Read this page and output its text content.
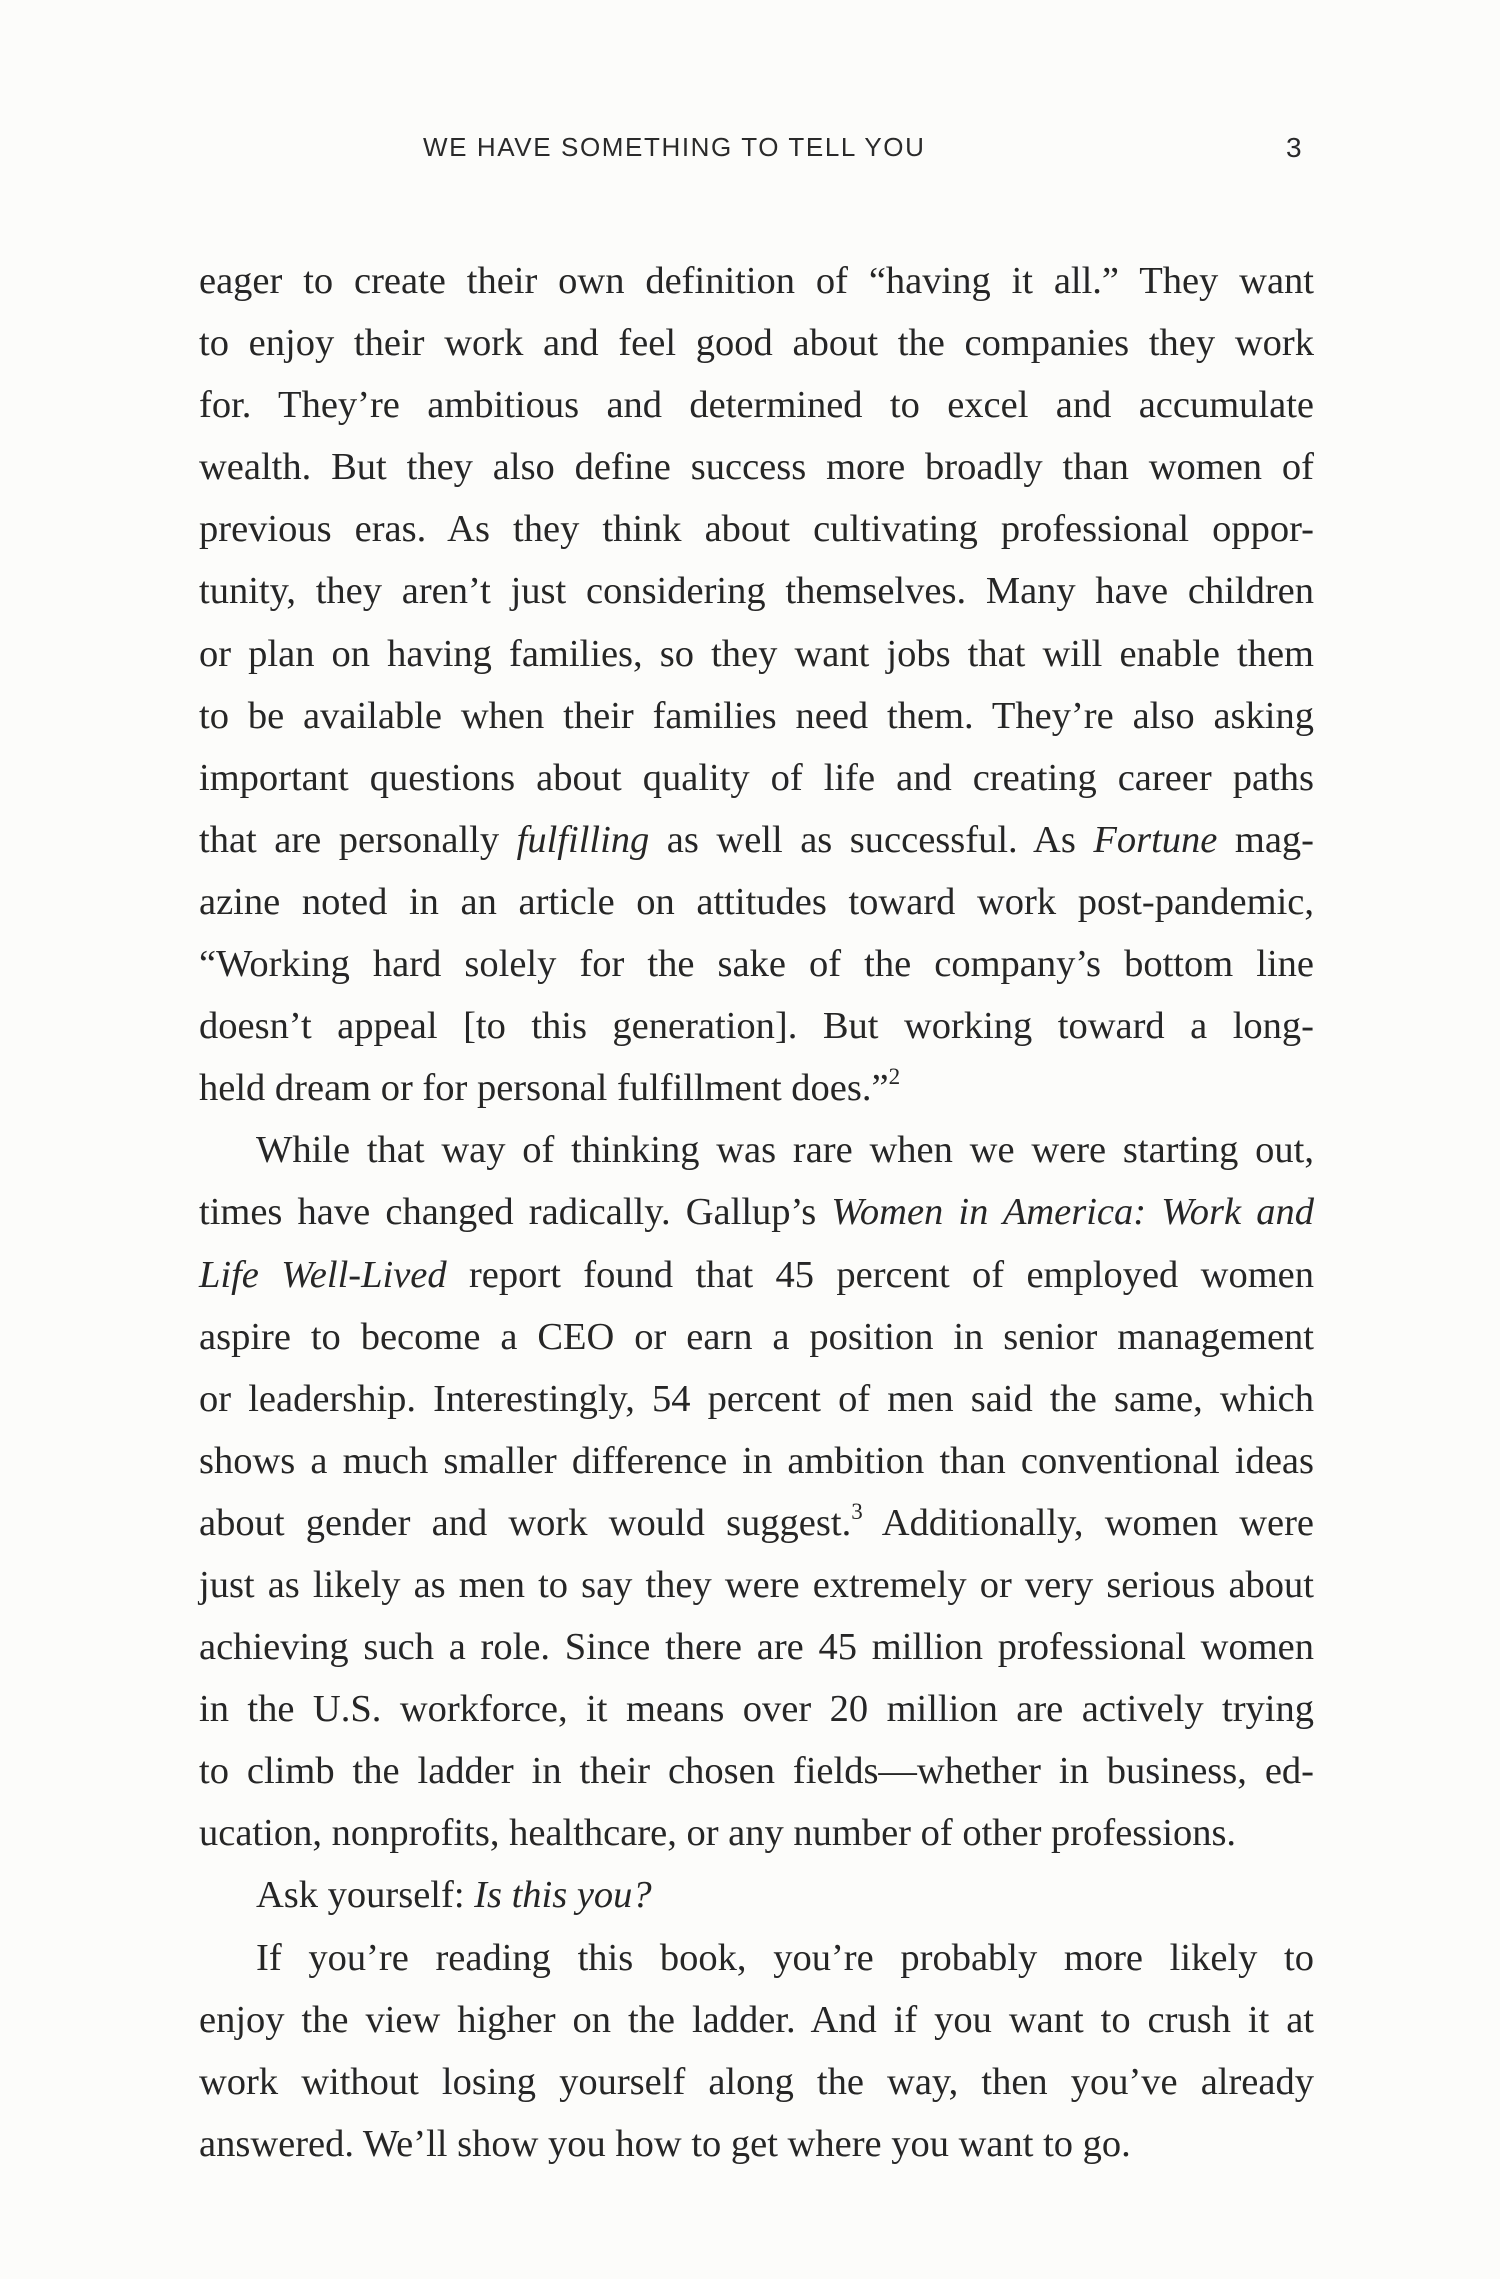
WE HAVE SOMETHING TO TELL YOU	3
eager to create their own definition of “having it all.” They want
to enjoy their work and feel good about the companies they work
for. They’re ambitious and determined to excel and accumulate
wealth. But they also define success more broadly than women of
previous eras. As they think about cultivating professional oppor-
tunity, they aren’t just considering themselves. Many have children
or plan on having families, so they want jobs that will enable them
to be available when their families need them. They’re also asking
important questions about quality of life and creating career paths
that are personally fulfilling as well as successful. As Fortune mag-
azine noted in an article on attitudes toward work post-pandemic,
“Working hard solely for the sake of the company’s bottom line
doesn’t appeal [to this generation]. But working toward a long-
held dream or for personal fulfillment does.”$^2$
While that way of thinking was rare when we were starting out,
times have changed radically. Gallup’s Women in America: Work and
Life Well-Lived report found that 45 percent of employed women
aspire to become a CEO or earn a position in senior management
or leadership. Interestingly, 54 percent of men said the same, which
shows a much smaller difference in ambition than conventional ideas
about gender and work would suggest.$^3$ Additionally, women were
just as likely as men to say they were extremely or very serious about
achieving such a role. Since there are 45 million professional women
in the U.S. workforce, it means over 20 million are actively trying
to climb the ladder in their chosen fields—whether in business, ed-
ucation, nonprofits, healthcare, or any number of other professions.
Ask yourself: Is this you?
If you’re reading this book, you’re probably more likely to
enjoy the view higher on the ladder. And if you want to crush it at
work without losing yourself along the way, then you’ve already
answered. We’ll show you how to get where you want to go.
